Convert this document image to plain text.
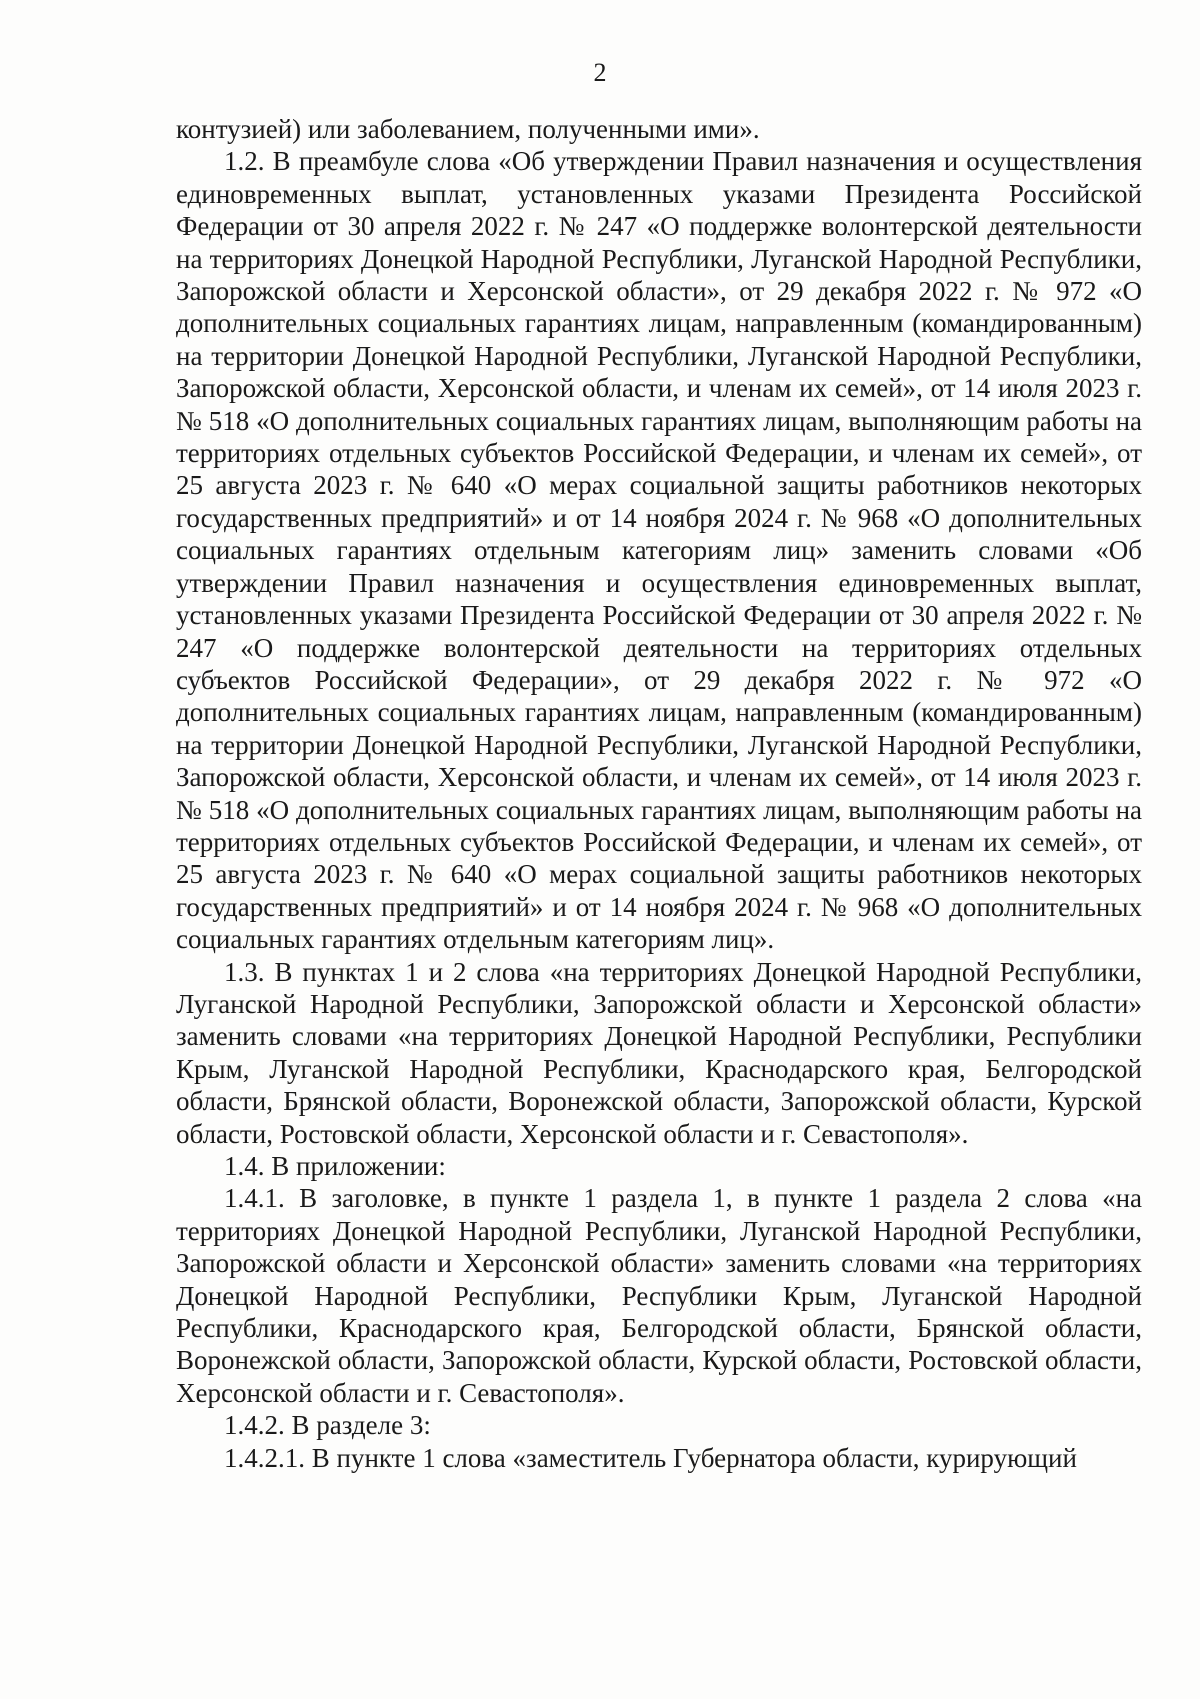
2

контузией) или заболеванием, полученными ими».

1.2. В преамбуле слова «Об утверждении Правил назначения и осуществления единовременных выплат, установленных указами Президента Российской Федерации от 30 апреля 2022 г. № 247 «О поддержке волонтерской деятельности на территориях Донецкой Народной Республики, Луганской Народной Республики, Запорожской области и Херсонской области», от 29 декабря 2022 г. № 972 «О дополнительных социальных гарантиях лицам, направленным (командированным) на территории Донецкой Народной Республики, Луганской Народной Республики, Запорожской области, Херсонской области, и членам их семей», от 14 июля 2023 г. № 518 «О дополнительных социальных гарантиях лицам, выполняющим работы на территориях отдельных субъектов Российской Федерации, и членам их семей», от 25 августа 2023 г. № 640 «О мерах социальной защиты работников некоторых государственных предприятий» и от 14 ноября 2024 г. № 968 «О дополнительных социальных гарантиях отдельным категориям лиц» заменить словами «Об утверждении Правил назначения и осуществления единовременных выплат, установленных указами Президента Российской Федерации от 30 апреля 2022 г. № 247 «О поддержке волонтерской деятельности на территориях отдельных субъектов Российской Федерации», от 29 декабря 2022 г. № 972 «О дополнительных социальных гарантиях лицам, направленным (командированным) на территории Донецкой Народной Республики, Луганской Народной Республики, Запорожской области, Херсонской области, и членам их семей», от 14 июля 2023 г. № 518 «О дополнительных социальных гарантиях лицам, выполняющим работы на территориях отдельных субъектов Российской Федерации, и членам их семей», от 25 августа 2023 г. № 640 «О мерах социальной защиты работников некоторых государственных предприятий» и от 14 ноября 2024 г. № 968 «О дополнительных социальных гарантиях отдельным категориям лиц».

1.3. В пунктах 1 и 2 слова «на территориях Донецкой Народной Республики, Луганской Народной Республики, Запорожской области и Херсонской области» заменить словами «на территориях Донецкой Народной Республики, Республики Крым, Луганской Народной Республики, Краснодарского края, Белгородской области, Брянской области, Воронежской области, Запорожской области, Курской области, Ростовской области, Херсонской области и г. Севастополя».

1.4. В приложении:

1.4.1. В заголовке, в пункте 1 раздела 1, в пункте 1 раздела 2 слова «на территориях Донецкой Народной Республики, Луганской Народной Республики, Запорожской области и Херсонской области» заменить словами «на территориях Донецкой Народной Республики, Республики Крым, Луганской Народной Республики, Краснодарского края, Белгородской области, Брянской области, Воронежской области, Запорожской области, Курской области, Ростовской области, Херсонской области и г. Севастополя».

1.4.2. В разделе 3:

1.4.2.1. В пункте 1 слова «заместитель Губернатора области, курирующий
